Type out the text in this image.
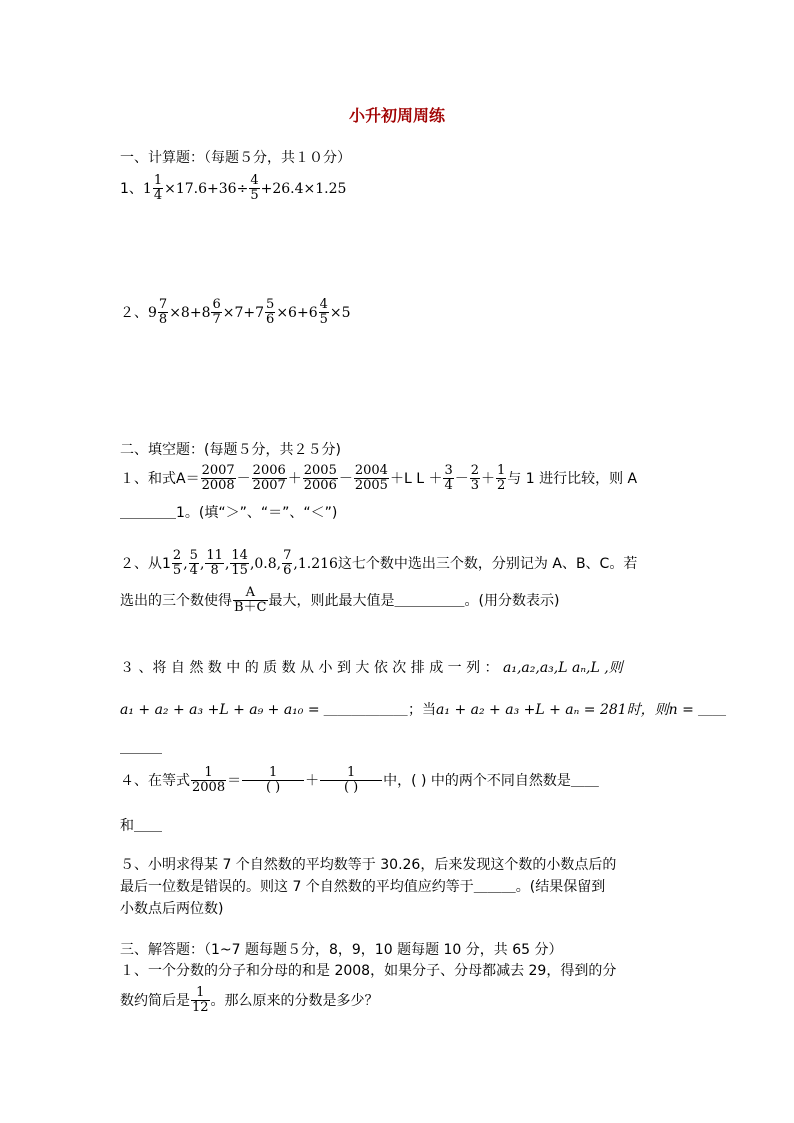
小升初周周练
一、计算题：（每题５分，共１０分）
1、$1 \frac{1}{4} \times 17.6+36\div \frac{4}{5} +26.4\times 1.25$
２、$9 \frac{7}{8} \times 8+8 \frac{6}{7} \times 7+7 \frac{5}{6} \times 6+6 \frac{4}{5} \times 5$
二、填空题：(每题５分，共２５分)
１、和式$A= \frac{2007}{2008} - \frac{2006}{2007} + \frac{2005}{2006} - \frac{2004}{2005} +L$ $L + \frac{3}{4} - \frac{2}{3} + \frac{1}{2}$ 与 1 进行比较，则 A
＿＿＿＿1。(填“＞”、“＝”、“＜”)
２、从$1 \frac{2}{5}$ , $\frac{5}{4}$ , $\frac{11}{8}$ , $\frac{14}{15} ,0.8$, $\frac{7}{6} ,1.216$这七个数中选出三个数，分别记为 A、B、C。若
选出的三个数使得 $\frac{A}{B+C}$ 最大，则此最大值是＿＿＿＿＿。(用分数表示)
３ 、将 自 然 数 中 的 质 数 从 小 到 大 依 次 排 成 一 列 ： a₁,a₂,a₃,L aₙ,L ,则
a₁ + a₂ + a₃ +L + a₉ + a₁₀ = ＿＿＿＿＿＿；当a₁ + a₂ + a₃ +L + aₙ = 281时，则n = ＿＿
＿＿＿
４、在等式 $\frac{1}{2008} = \frac{1}{( )} + \frac{1}{( )}$ 中，( ) 中的两个不同自然数是＿＿
和＿＿
５、小明求得某 7 个自然数的平均数等于 30.26，后来发现这个数的小数点后的
最后一位数是错误的。则这 7 个自然数的平均值应约等于＿＿＿。(结果保留到
小数点后两位数)
三、解答题：（1~7 题每题５分，8，9，10 题每题 10 分，共 65 分）
１、一个分数的分子和分母的和是 2008，如果分子、分母都减去 29，得到的分
数约简后是 $\frac{1}{12}$ 。那么原来的分数是多少？
